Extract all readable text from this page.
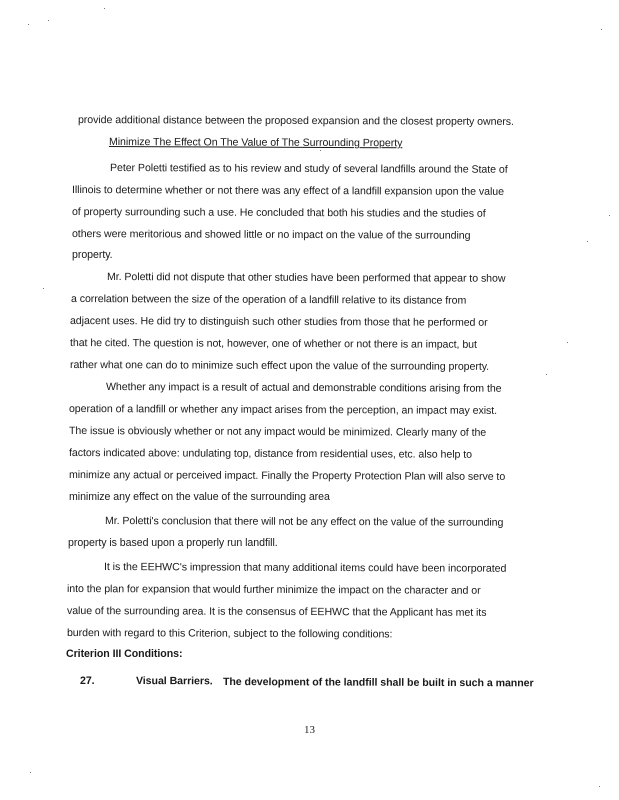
provide additional distance between the proposed expansion and the closest property owners.
Minimize The Effect On The Value of The Surrounding Property
Peter Poletti testified as to his review and study of several landfills around the State of
Illinois to determine whether or not there was any effect of a landfill expansion upon the value
of property surrounding such a use. He concluded that both his studies and the studies of
others were meritorious and showed little or no impact on the value of the surrounding
property.
Mr. Poletti did not dispute that other studies have been performed that appear to show
a correlation between the size of the operation of a landfill relative to its distance from
adjacent uses. He did try to distinguish such other studies from those that he performed or
that he cited. The question is not, however, one of whether or not there is an impact, but
rather what one can do to minimize such effect upon the value of the surrounding property.
Whether any impact is a result of actual and demonstrable conditions arising from the
operation of a landfill or whether any impact arises from the perception, an impact may exist.
The issue is obviously whether or not any impact would be minimized. Clearly many of the
factors indicated above: undulating top, distance from residential uses, etc. also help to
minimize any actual or perceived impact. Finally the Property Protection Plan will also serve to
minimize any effect on the value of the surrounding area
Mr. Poletti's conclusion that there will not be any effect on the value of the surrounding
property is based upon a properly run landfill.
It is the EEHWC's impression that many additional items could have been incorporated
into the plan for expansion that would further minimize the impact on the character and or
value of the surrounding area. It is the consensus of EEHWC that the Applicant has met its
burden with regard to this Criterion, subject to the following conditions:
Criterion III Conditions:
27.	Visual Barriers. The development of the landfill shall be built in such a manner
13
